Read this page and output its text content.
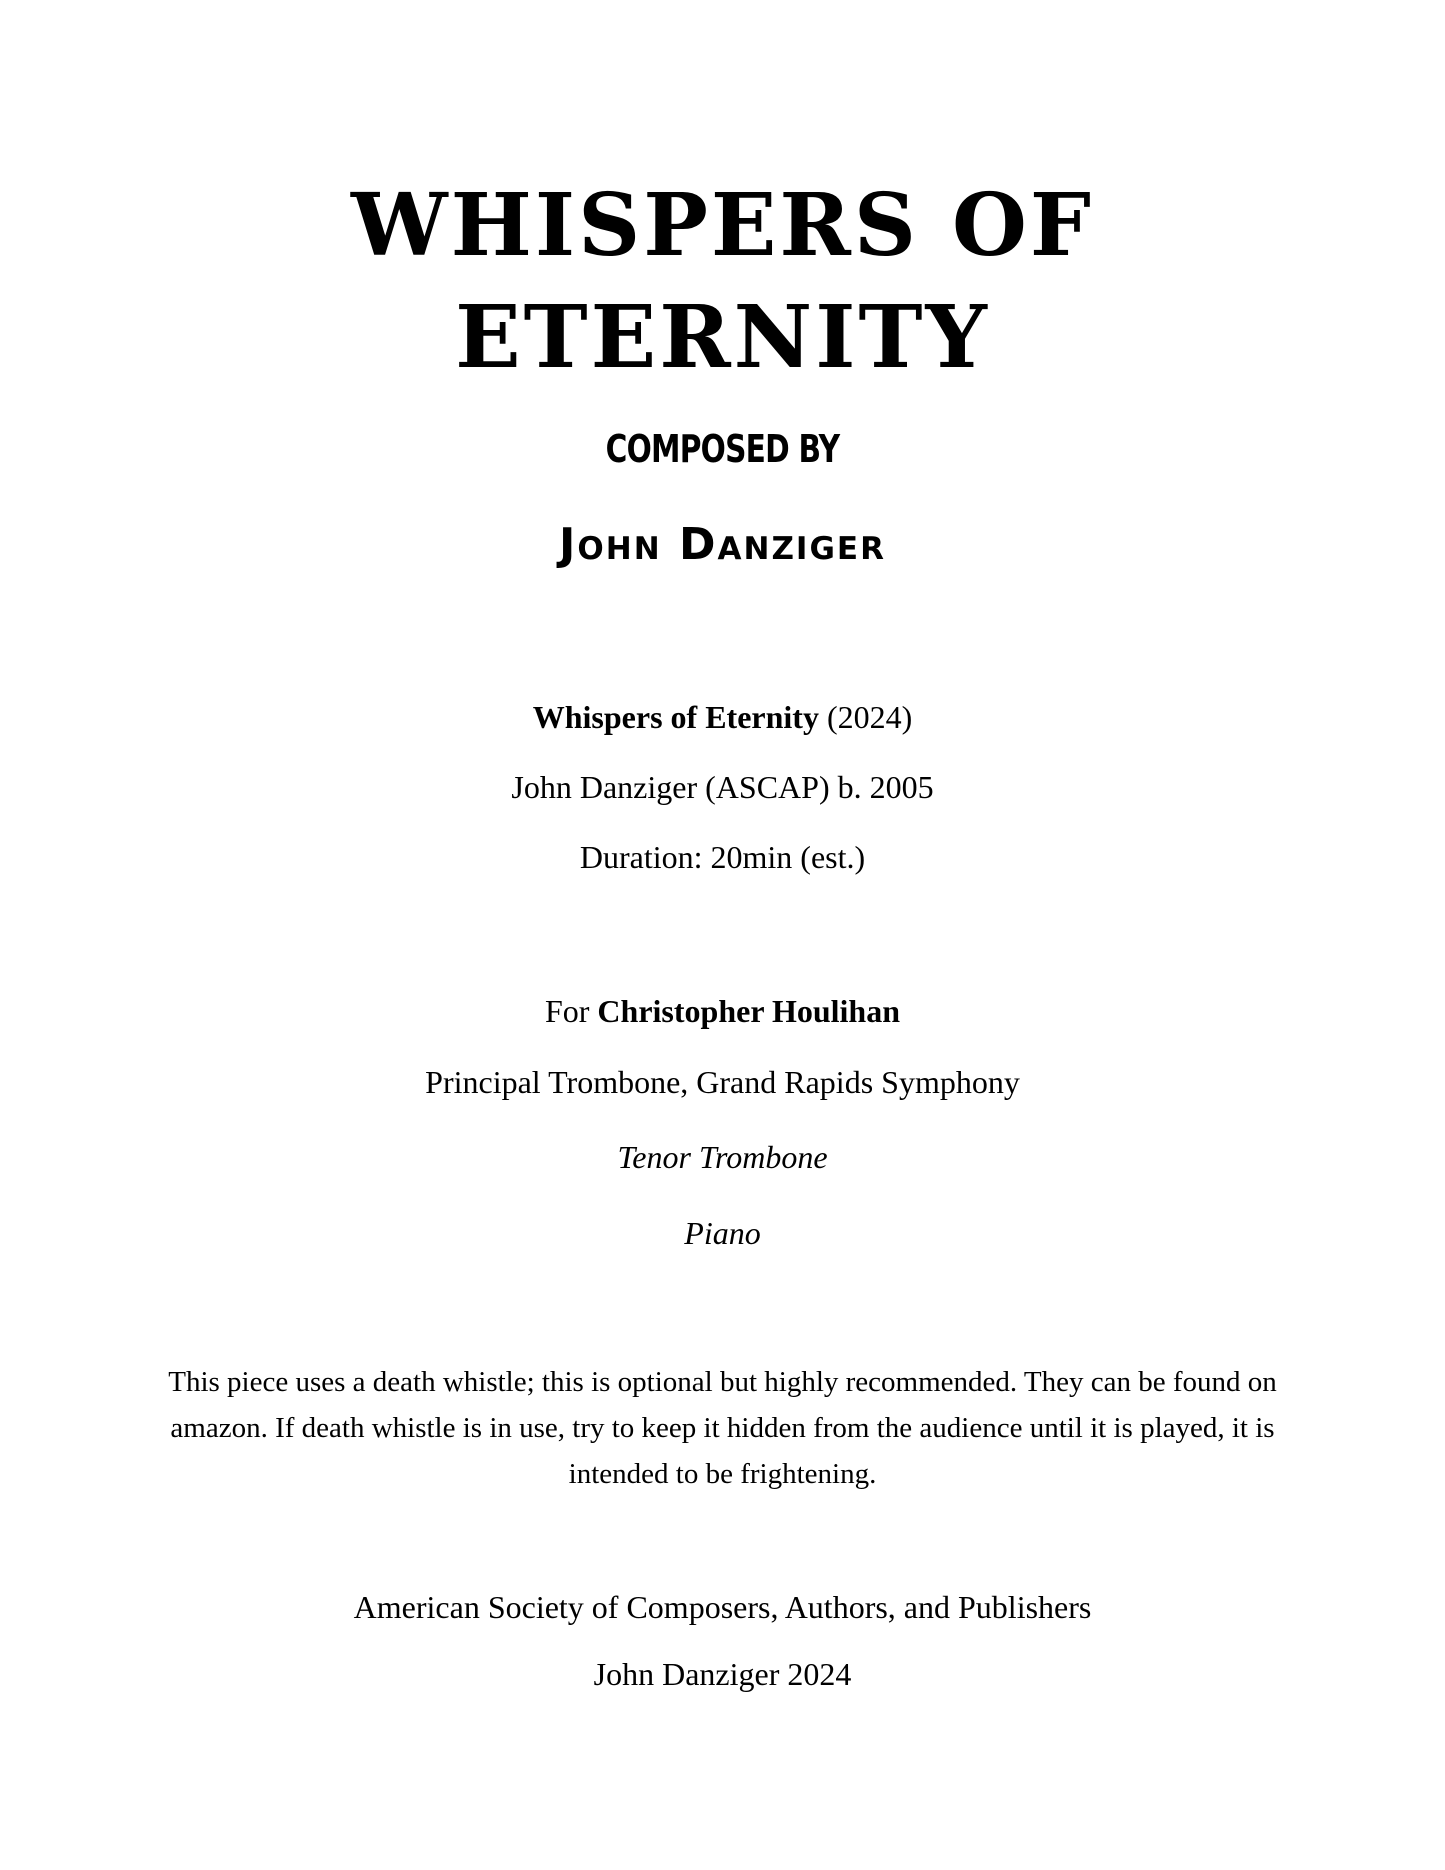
WHISPERS OF ETERNITY
COMPOSED BY
John Danziger
Whispers of Eternity (2024)
John Danziger (ASCAP) b. 2005
Duration: 20min (est.)
For Christopher Houlihan
Principal Trombone, Grand Rapids Symphony
Tenor Trombone
Piano
This piece uses a death whistle; this is optional but highly recommended. They can be found on amazon. If death whistle is in use, try to keep it hidden from the audience until it is played, it is intended to be frightening.
American Society of Composers, Authors, and Publishers
John Danziger 2024
